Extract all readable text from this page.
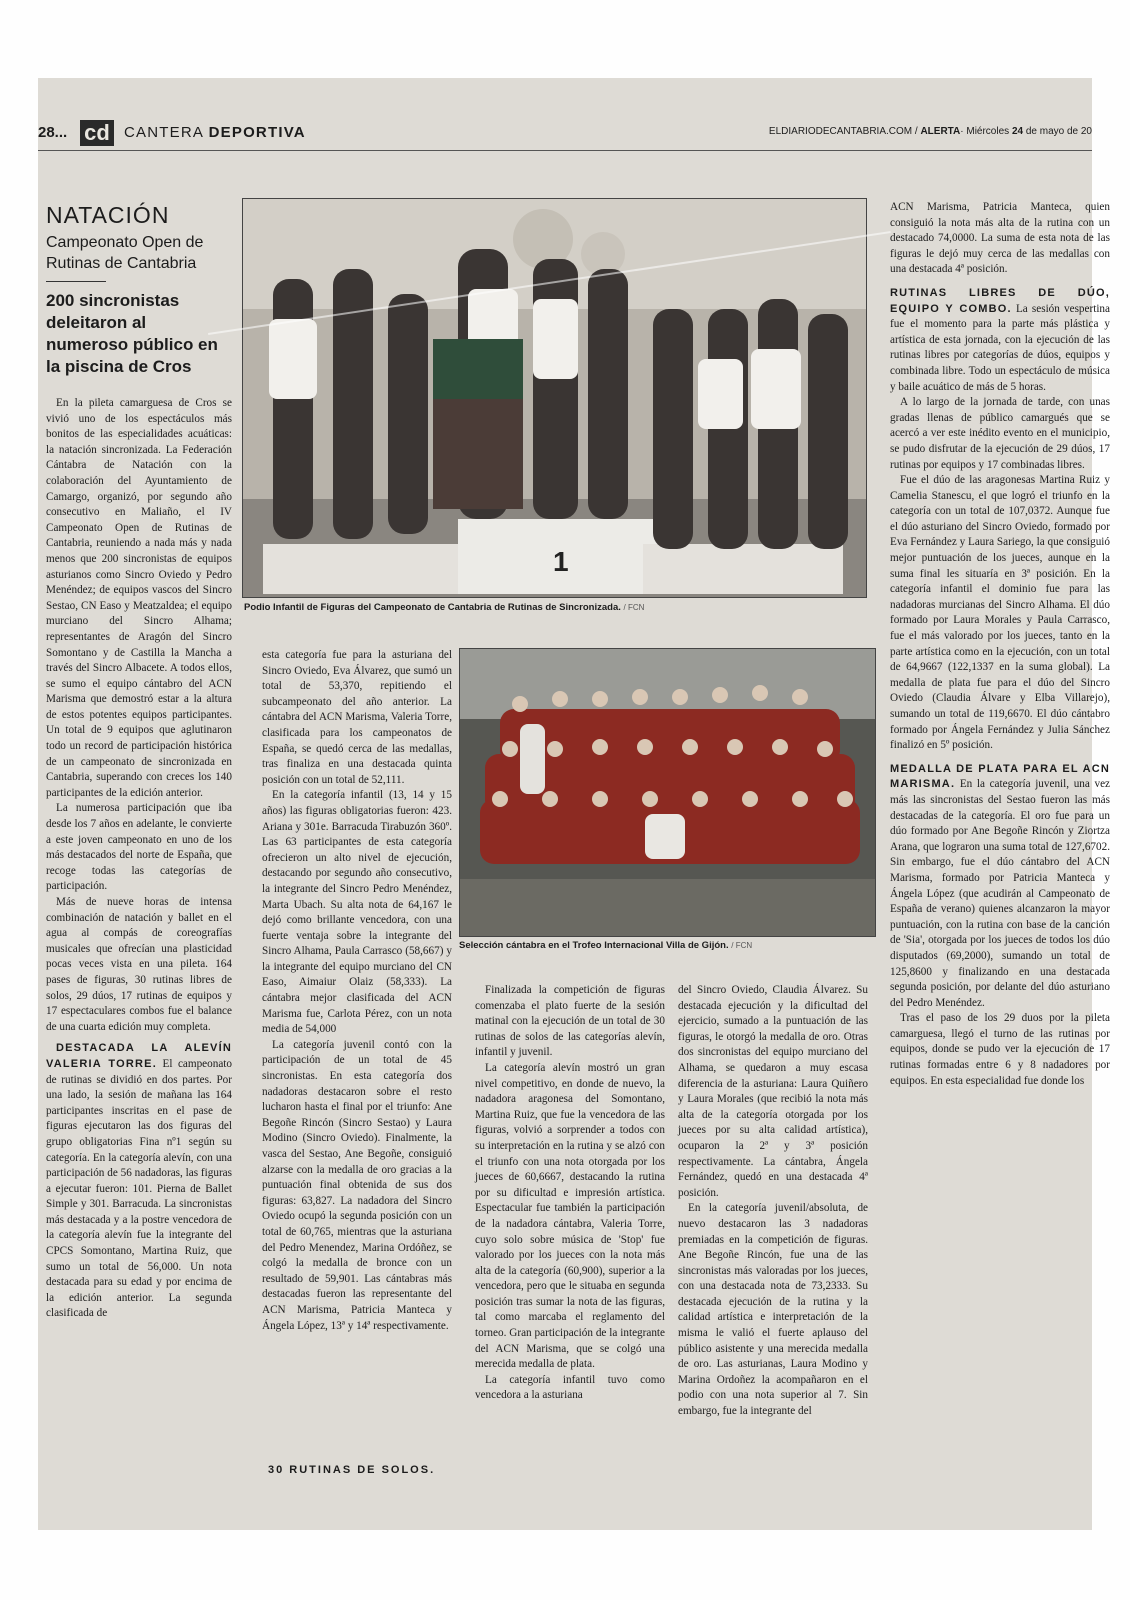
28... cd CANTERA DEPORTIVA	ELDIARIODECANTABRIA.COM / ALERTA· Miércoles 24 de mayo de 20
NATACIÓN
Campeonato Open de Rutinas de Cantabria
200 sincronistas deleitaron al numeroso público en la piscina de Cros

En la pileta camarguesa de Cros se vivió uno de los espectáculos más bonitos de las especialidades acuáticas: la natación sincronizada. La Federación Cántabra de Natación con la colaboración del Ayuntamiento de Camargo, organizó, por segundo año consecutivo en Maliaño, el IV Campeonato Open de Rutinas de Cantabria, reuniendo a nada más y nada menos que 200 sincronistas de equipos asturianos como Sincro Oviedo y Pedro Menéndez; de equipos vascos del Sincro Sestao, CN Easo y Meatzaldea; el equipo murciano del Sincro Alhama; representantes de Aragón del Sincro Somontano y de Castilla la Mancha a través del Sincro Albacete. A todos ellos, se sumo el equipo cántabro del ACN Marisma que demostró estar a la altura de estos potentes equipos participantes. Un total de 9 equipos que aglutinaron todo un record de participación histórica de un campeonato de sincronizada en Cantabria, superando con creces los 140 participantes de la edición anterior.

La numerosa participación que iba desde los 7 años en adelante, le convierte a este joven campeonato en uno de los más destacados del norte de España, que recoge todas las categorías de participación.

Más de nueve horas de intensa combinación de natación y ballet en el agua al compás de coreografías musicales que ofrecían una plasticidad pocas veces vista en una pileta. 164 pases de figuras, 30 rutinas libres de solos, 29 dúos, 17 rutinas de equipos y 17 espectaculares combos fue el balance de una cuarta edición muy completa.

DESTACADA LA ALEVÍN VALERIA TORRE. El campeonato de rutinas se dividió en dos partes. Por una lado, la sesión de mañana las 164 participantes inscritas en el pase de figuras ejecutaron las dos figuras del grupo obligatorias Fina nº1 según su categoría. En la categoría alevín, con una participación de 56 nadadoras, las figuras a ejecutar fueron: 101. Pierna de Ballet Simple y 301. Barracuda. La sincronistas más destacada y a la postre vencedora de la categoría alevín fue la integrante del CPCS Somontano, Martina Ruiz, que sumo un total de 56,000. Un nota destacada para su edad y por encima de la edición anterior. La segunda clasificada de

1
Podio Infantil de Figuras del Campeonato de Cantabria de Rutinas de Sincronizada. / FCN

esta categoría fue para la asturiana del Sincro Oviedo, Eva Álvarez, que sumó un total de 53,370, repitiendo el subcampeonato del año anterior. La cántabra del ACN Marisma, Valeria Torre, clasificada para los campeonatos de España, se quedó cerca de las medallas, tras finaliza en una destacada quinta posición con un total de 52,111.

En la categoría infantil (13, 14 y 15 años) las figuras obligatorias fueron: 423. Ariana y 301e. Barracuda Tirabuzón 360º. Las 63 participantes de esta categoría ofrecieron un alto nivel de ejecución, destacando por segundo año consecutivo, la integrante del Sincro Pedro Menéndez, Marta Ubach. Su alta nota de 64,167 le dejó como brillante vencedora, con una fuerte ventaja sobre la integrante del Sincro Alhama, Paula Carrasco (58,667) y la integrante del equipo murciano del CN Easo, Aimaiur Olaiz (58,333). La cántabra mejor clasificada del ACN Marisma fue, Carlota Pérez, con un nota media de 54,000

La categoría juvenil contó con la participación de un total de 45 sincronistas. En esta categoría dos nadadoras destacaron sobre el resto lucharon hasta el final por el triunfo: Ane Begoñe Rincón (Sincro Sestao) y Laura Modino (Sincro Oviedo). Finalmente, la vasca del Sestao, Ane Begoñe, consiguió alzarse con la medalla de oro gracias a la puntuación final obtenida de sus dos figuras: 63,827. La nadadora del Sincro Oviedo ocupó la segunda posición con un total de 60,765, mientras que la asturiana del Pedro Menendez, Marina Ordóñez, se colgó la medalla de bronce con un resultado de 59,901. Las cántabras más destacadas fueron las representante del ACN Marisma, Patricia Manteca y Ángela López, 13ª y 14ª respectivamente.

30 RUTINAS DE SOLOS.
Selección cántabra en el Trofeo Internacional Villa de Gijón. / FCN

Finalizada la competición de figuras comenzaba el plato fuerte de la sesión matinal con la ejecución de un total de 30 rutinas de solos de las categorías alevín, infantil y juvenil.

La categoría alevín mostró un gran nivel competitivo, en donde de nuevo, la nadadora aragonesa del Somontano, Martina Ruiz, que fue la vencedora de las figuras, volvió a sorprender a todos con su interpretación en la rutina y se alzó con el triunfo con una nota otorgada por los jueces de 60,6667, destacando la rutina por su dificultad e impresión artística. Espectacular fue también la participación de la nadadora cántabra, Valeria Torre, cuyo solo sobre música de 'Stop' fue valorado por los jueces con la nota más alta de la categoría (60,900), superior a la vencedora, pero que le situaba en segunda posición tras sumar la nota de las figuras, tal como marcaba el reglamento del torneo. Gran participación de la integrante del ACN Marisma, que se colgó una merecida medalla de plata.

La categoría infantil tuvo como vencedora a la asturiana

del Sincro Oviedo, Claudia Álvarez. Su destacada ejecución y la dificultad del ejercicio, sumado a la puntuación de las figuras, le otorgó la medalla de oro. Otras dos sincronistas del equipo murciano del Alhama, se quedaron a muy escasa diferencia de la asturiana: Laura Quiñero y Laura Morales (que recibió la nota más alta de la categoría otorgada por los jueces por su alta calidad artística), ocuparon la 2ª y 3ª posición respectivamente. La cántabra, Ángela Fernández, quedó en una destacada 4ª posición.

En la categoría juvenil/absoluta, de nuevo destacaron las 3 nadadoras premiadas en la competición de figuras. Ane Begoñe Rincón, fue una de las sincronistas más valoradas por los jueces, con una destacada nota de 73,2333. Su destacada ejecución de la rutina y la calidad artística e interpretación de la misma le valió el fuerte aplauso del público asistente y una merecida medalla de oro. Las asturianas, Laura Modino y Marina Ordoñez la acompañaron en el podio con una nota superior al 7. Sin embargo, fue la integrante del

ACN Marisma, Patricia Manteca, quien consiguió la nota más alta de la rutina con un destacado 74,0000. La suma de esta nota de las figuras le dejó muy cerca de las medallas con una destacada 4ª posición.

RUTINAS LIBRES DE DÚO, EQUIPO Y COMBO. La sesión vespertina fue el momento para la parte más plástica y artística de esta jornada, con la ejecución de las rutinas libres por categorías de dúos, equipos y combinada libre. Todo un espectáculo de música y baile acuático de más de 5 horas.

A lo largo de la jornada de tarde, con unas gradas llenas de público camargués que se acercó a ver este inédito evento en el municipio, se pudo disfrutar de la ejecución de 29 dúos, 17 rutinas por equipos y 17 combinadas libres.

Fue el dúo de las aragonesas Martina Ruiz y Camelia Stanescu, el que logró el triunfo en la categoría con un total de 107,0372. Aunque fue el dúo asturiano del Sincro Oviedo, formado por Eva Fernández y Laura Sariego, la que consiguió mejor puntuación de los jueces, aunque en la suma final les situaría en 3ª posición. En la categoría infantil el dominio fue para las nadadoras murcianas del Sincro Alhama. El dúo formado por Laura Morales y Paula Carrasco, fue el más valorado por los jueces, tanto en la parte artística como en la ejecución, con un total de 64,9667 (122,1337 en la suma global). La medalla de plata fue para el dúo del Sincro Oviedo (Claudia Álvare y Elba Villarejo), sumando un total de 119,6670. El dúo cántabro formado por Ángela Fernández y Julia Sánchez finalizó en 5º posición.

MEDALLA DE PLATA PARA EL ACN MARISMA. En la categoría juvenil, una vez más las sincronistas del Sestao fueron las más destacadas de la categoría. El oro fue para un dúo formado por Ane Begoñe Rincón y Ziortza Arana, que lograron una suma total de 127,6702. Sin embargo, fue el dúo cántabro del ACN Marisma, formado por Patricia Manteca y Ángela López (que acudirán al Campeonato de España de verano) quienes alcanzaron la mayor puntuación, con la rutina con base de la canción de 'Sia', otorgada por los jueces de todos los dúo disputados (69,2000), sumando un total de 125,8600 y finalizando en una destacada segunda posición, por delante del dúo asturiano del Pedro Menéndez.

Tras el paso de los 29 duos por la pileta camarguesa, llegó el turno de las rutinas por equipos, donde se pudo ver la ejecución de 17 rutinas formadas entre 6 y 8 nadadores por equipos. En esta especialidad fue donde los
